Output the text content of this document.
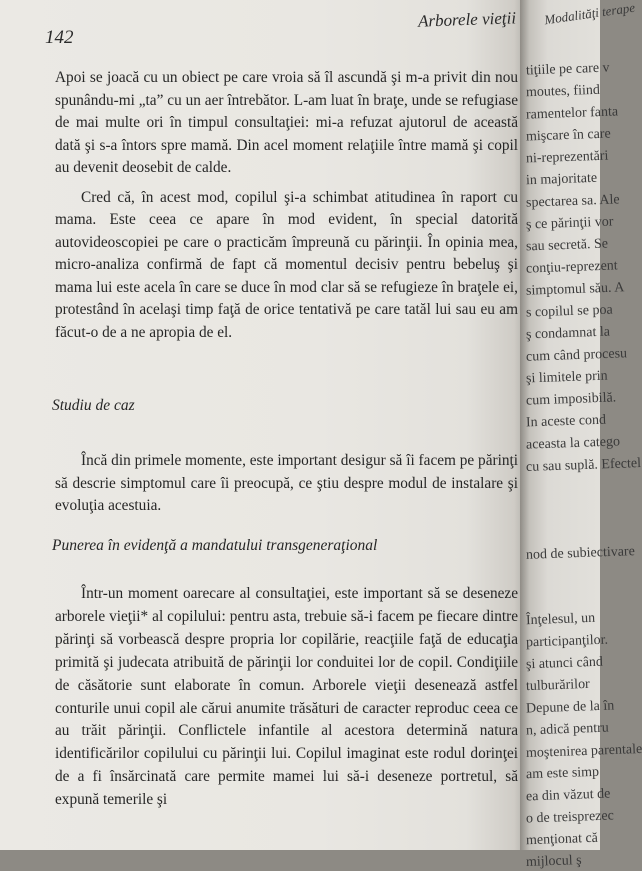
142
Arborele vieţii

Apoi se joacă cu un obiect pe care vroia să îl ascundă şi m-a privit din nou spunându-mi „ta” cu un aer întrebător. L-am luat în braţe, unde se refugiase de mai multe ori în timpul consultaţiei: mi-a refuzat ajutorul de această dată şi s-a întors spre mamă. Din acel moment relaţiile între mamă şi copil au devenit deosebit de calde.

Cred că, în acest mod, copilul şi-a schimbat atitudinea în raport cu mama. Este ceea ce apare în mod evident, în special datorită autovideoscopiei pe care o practicăm împreună cu părinţii. În opinia mea, micro-analiza confirmă de fapt că momentul decisiv pentru bebeluş şi mama lui este acela în care se duce în mod clar să se refugieze în braţele ei, protestând în acelaşi timp faţă de orice tentativă pe care tatăl lui sau eu am făcut-o de a ne apropia de el.

Studiu de caz

Încă din primele momente, este important desigur să îi facem pe părinţi să descrie simptomul care îi preocupă, ce ştiu despre modul de instalare şi evoluţia acestuia.

Punerea în evidenţă a mandatului transgeneraţional

Într-un moment oarecare al consultaţiei, este important să se deseneze arborele vieţii* al copilului: pentru asta, trebuie să-i facem pe fiecare dintre părinţi să vorbească despre propria lor copilărie, reacţiile faţă de educaţia primită şi judecata atribuită de părinţii lor conduitei lor de copil. Condiţiile de căsătorie sunt elaborate în comun. Arborele vieţii desenează astfel conturile unui copil ale cărui anumite trăsături de caracter reproduc ceea ce au trăit părinţii. Conflictele infantile al acestora determină natura identificărilor copilului cu părinţii lui. Copilul imaginat este rodul dorinţei de a fi însărcinată care permite mamei lui să-i deseneze portretul, să expună temerile şi

Modalităţi terape
tiţiile pe care v
moutes, fiind
ramentelor fanta
mişcare în care
ni-reprezentări
in majoritate
spectarea sa. Ale
ş ce părinţii vor
sau secretă. Se
conţiu-reprezent
simptomul său. A
s copilul se poa
ş condamnat la
cum când procesu
şi limitele prin
cum imposibilă.
In aceste cond
aceasta la catego
cu sau suplă. Efectel
nod de subiectivare
Înţelesul, un
participanţilor.
şi atunci când
tulburărilor
Depune de la în
n, adică pentru
moştenirea parentale
am este simp
ea din văzut de
o de treisprezec
menţionat că
mijlocul ş
